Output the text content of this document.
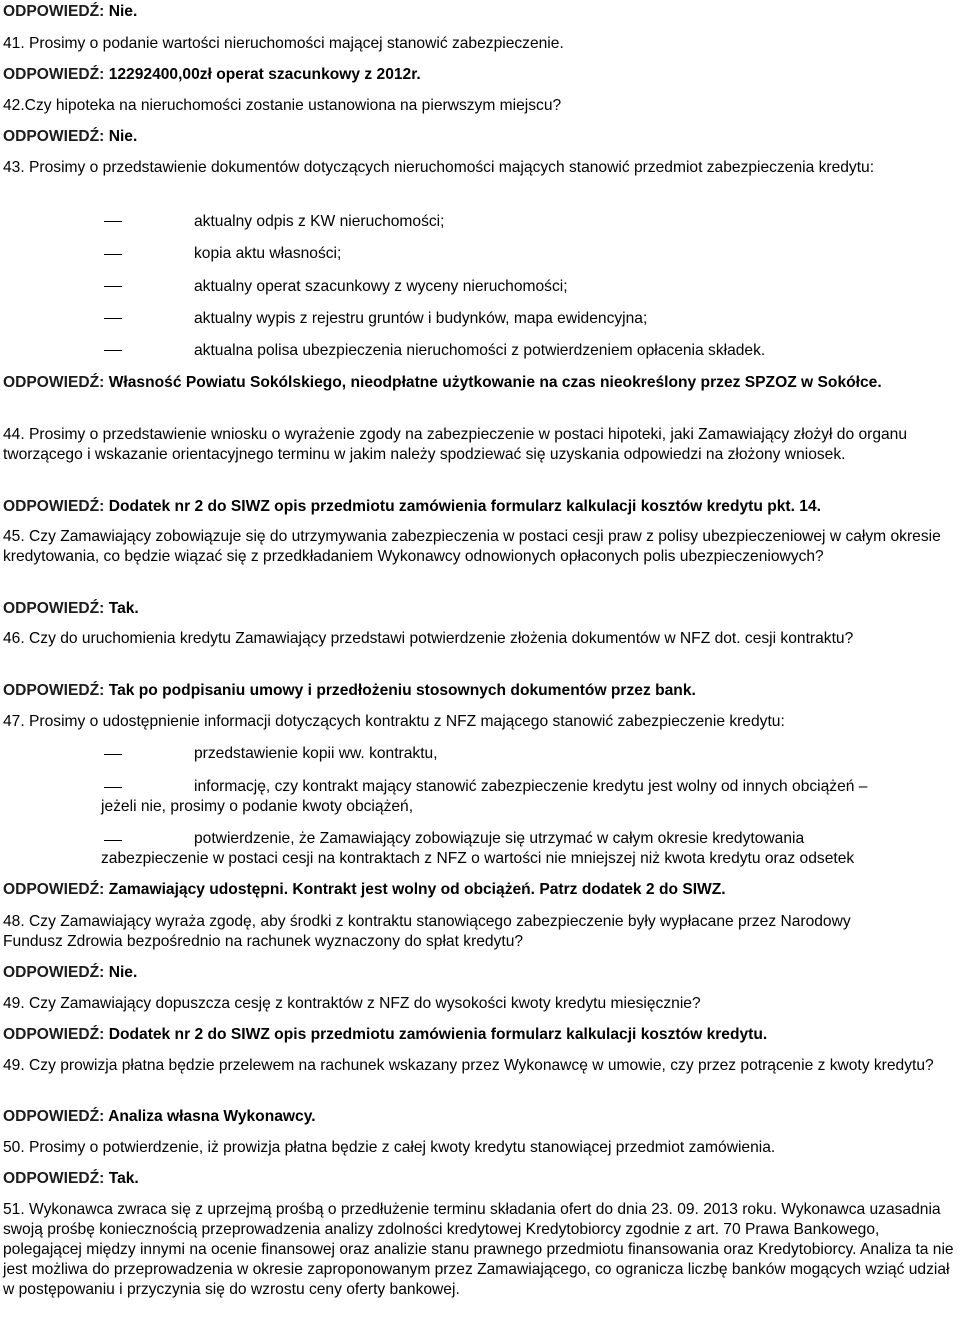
ODPOWIEDŹ: Nie.

41. Prosimy o podanie wartości nieruchomości mającej stanowić zabezpieczenie.

ODPOWIEDŹ: 12292400,00zł operat szacunkowy z 2012r.

42.Czy hipoteka na nieruchomości zostanie ustanowiona na pierwszym miejscu?

ODPOWIEDŹ: Nie.

43. Prosimy o przedstawienie dokumentów dotyczących nieruchomości mających stanowić przedmiot zabezpieczenia kredytu:

aktualny odpis z KW nieruchomości;

kopia aktu własności;

aktualny operat szacunkowy z wyceny nieruchomości;

aktualny wypis z rejestru gruntów i budynków, mapa ewidencyjna;

aktualna polisa ubezpieczenia nieruchomości z potwierdzeniem opłacenia składek.

ODPOWIEDŹ: Własność Powiatu Sokólskiego, nieodpłatne użytkowanie na czas nieokreślony przez SPZOZ w Sokółce.

44. Prosimy o przedstawienie wniosku o wyrażenie zgody na zabezpieczenie w postaci hipoteki, jaki Zamawiający złożył do organu tworzącego i wskazanie orientacyjnego terminu w jakim należy spodziewać się uzyskania odpowiedzi na złożony wniosek.

ODPOWIEDŹ: Dodatek nr 2 do SIWZ opis przedmiotu zamówienia formularz kalkulacji kosztów kredytu pkt. 14.

45. Czy Zamawiający zobowiązuje się do utrzymywania zabezpieczenia w postaci cesji praw z polisy ubezpieczeniowej w całym okresie kredytowania, co będzie wiązać się z przedkładaniem Wykonawcy odnowionych opłaconych polis ubezpieczeniowych?

ODPOWIEDŹ: Tak.

46. Czy do uruchomienia kredytu Zamawiający przedstawi potwierdzenie złożenia dokumentów w NFZ dot. cesji kontraktu?

ODPOWIEDŹ: Tak po podpisaniu umowy i przedłożeniu stosownych dokumentów przez bank.

47. Prosimy o udostępnienie informacji dotyczących kontraktu z NFZ mającego stanowić zabezpieczenie kredytu:

przedstawienie kopii ww. kontraktu,

informację, czy kontrakt mający stanowić zabezpieczenie kredytu jest wolny od innych obciążeń –

jeżeli nie, prosimy o podanie kwoty obciążeń,

potwierdzenie, że Zamawiający zobowiązuje się utrzymać w całym okresie kredytowania

zabezpieczenie w postaci cesji na kontraktach z NFZ o wartości nie mniejszej niż kwota kredytu oraz odsetek

ODPOWIEDŹ: Zamawiający udostępni. Kontrakt jest wolny od obciążeń. Patrz dodatek 2 do SIWZ.

48. Czy Zamawiający wyraża zgodę, aby środki z kontraktu stanowiącego zabezpieczenie były wypłacane przez Narodowy Fundusz Zdrowia bezpośrednio na rachunek wyznaczony do spłat kredytu?

ODPOWIEDŹ: Nie.

49. Czy Zamawiający dopuszcza cesję z kontraktów z NFZ do wysokości kwoty kredytu miesięcznie?

ODPOWIEDŹ: Dodatek nr 2 do SIWZ opis przedmiotu zamówienia formularz kalkulacji kosztów kredytu.

49. Czy prowizja płatna będzie przelewem na rachunek wskazany przez Wykonawcę w umowie, czy przez potrącenie z kwoty kredytu?

ODPOWIEDŹ: Analiza własna Wykonawcy.

50. Prosimy o potwierdzenie, iż prowizja płatna będzie z całej kwoty kredytu stanowiącej przedmiot zamówienia.

ODPOWIEDŹ: Tak.

51. Wykonawca zwraca się z uprzejmą prośbą o przedłużenie terminu składania ofert do dnia 23. 09. 2013 roku. Wykonawca uzasadnia swoją prośbę koniecznością przeprowadzenia analizy zdolności kredytowej Kredytobiorcy zgodnie z art. 70 Prawa Bankowego, polegającej między innymi na ocenie finansowej oraz analizie stanu prawnego przedmiotu finansowania oraz Kredytobiorcy. Analiza ta nie jest możliwa do przeprowadzenia w okresie zaproponowanym przez Zamawiającego, co ogranicza liczbę banków mogących wziąć udział w postępowaniu i przyczynia się do wzrostu ceny oferty bankowej.
